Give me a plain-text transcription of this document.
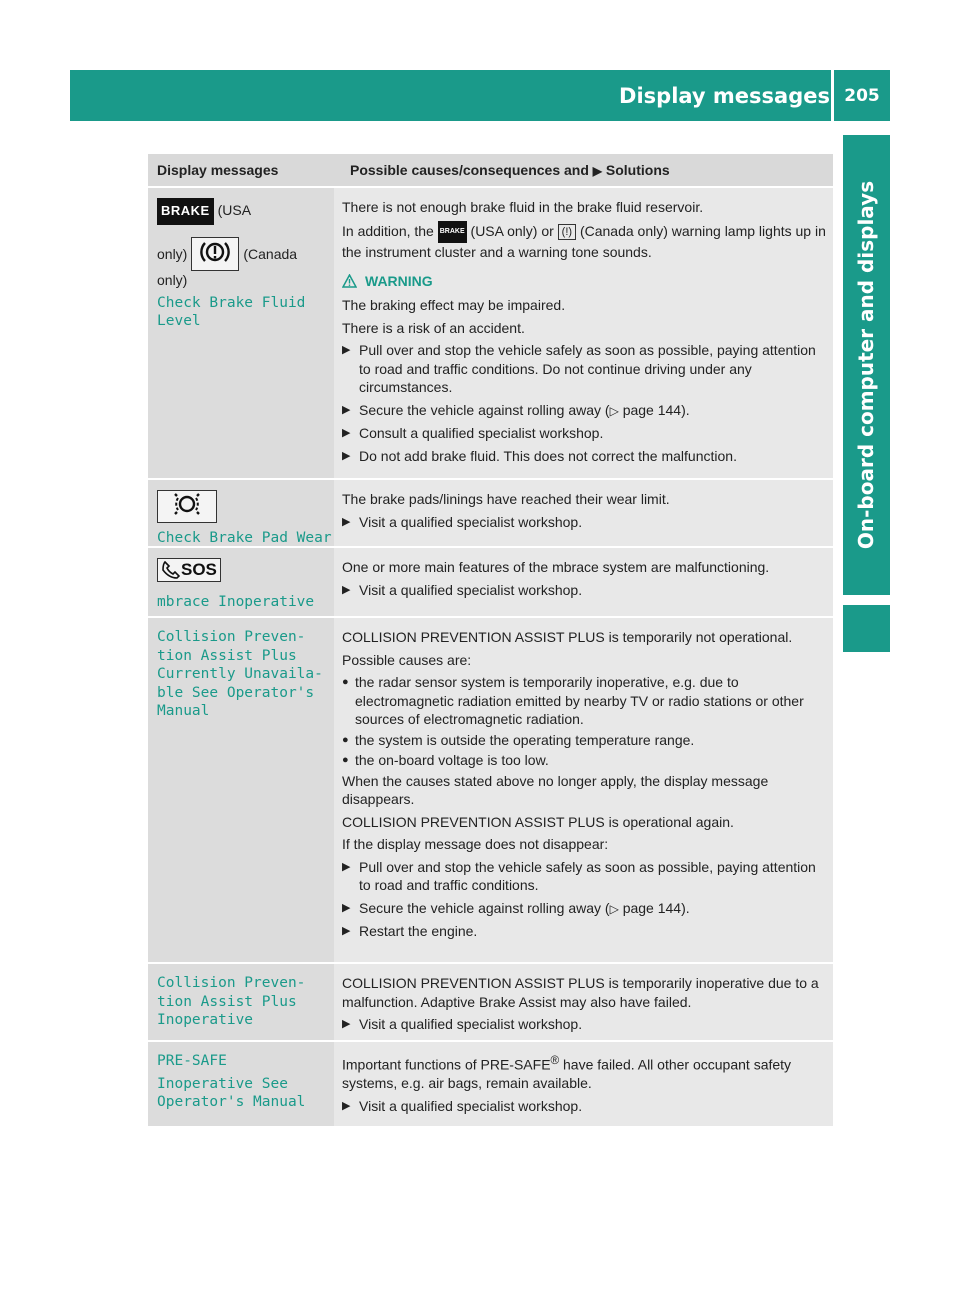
Display messages 205
On-board computer and displays
Display messages	Possible causes/consequences and ▶ Solutions
BRAKE (USA
only)	(Canada
only)
Check Brake Fluid
Level

There is not enough brake fluid in the brake fluid reservoir.

In addition, the BRAKE (USA only) or (!) (Canada only) warning lamp lights up in the instrument cluster and a warning tone sounds.

WARNING

The braking effect may be impaired.

There is a risk of an accident.

▶ Pull over and stop the vehicle safely as soon as possible, paying attention to road and traffic conditions. Do not continue driving under any circumstances.
▶ Secure the vehicle against rolling away (▷ page 144).
▶ Consult a qualified specialist workshop.
▶ Do not add brake fluid. This does not correct the malfunction.
Check Brake Pad Wear

The brake pads/linings have reached their wear limit.

▶ Visit a qualified specialist workshop.
SOS
mbrace Inoperative

One or more main features of the mbrace system are malfunctioning.

▶ Visit a qualified specialist workshop.
Collision Preven‐
tion Assist Plus
Currently Unavaila‐
ble See Operator's
Manual

COLLISION PREVENTION ASSIST PLUS is temporarily not operational.

Possible causes are:

● the radar sensor system is temporarily inoperative, e.g. due to electromagnetic radiation emitted by nearby TV or radio stations or other sources of electromagnetic radiation.
● the system is outside the operating temperature range.
● the on-board voltage is too low.

When the causes stated above no longer apply, the display message disappears.

COLLISION PREVENTION ASSIST PLUS is operational again.

If the display message does not disappear:

▶ Pull over and stop the vehicle safely as soon as possible, paying attention to road and traffic conditions.
▶ Secure the vehicle against rolling away (▷ page 144).
▶ Restart the engine.
Collision Preven‐
tion Assist Plus
Inoperative

COLLISION PREVENTION ASSIST PLUS is temporarily inoperative due to a malfunction. Adaptive Brake Assist may also have failed.

▶ Visit a qualified specialist workshop.
PRE-SAFE
Inoperative See
Operator's Manual

Important functions of PRE-SAFE® have failed. All other occupant safety systems, e.g. air bags, remain available.

▶ Visit a qualified specialist workshop.
